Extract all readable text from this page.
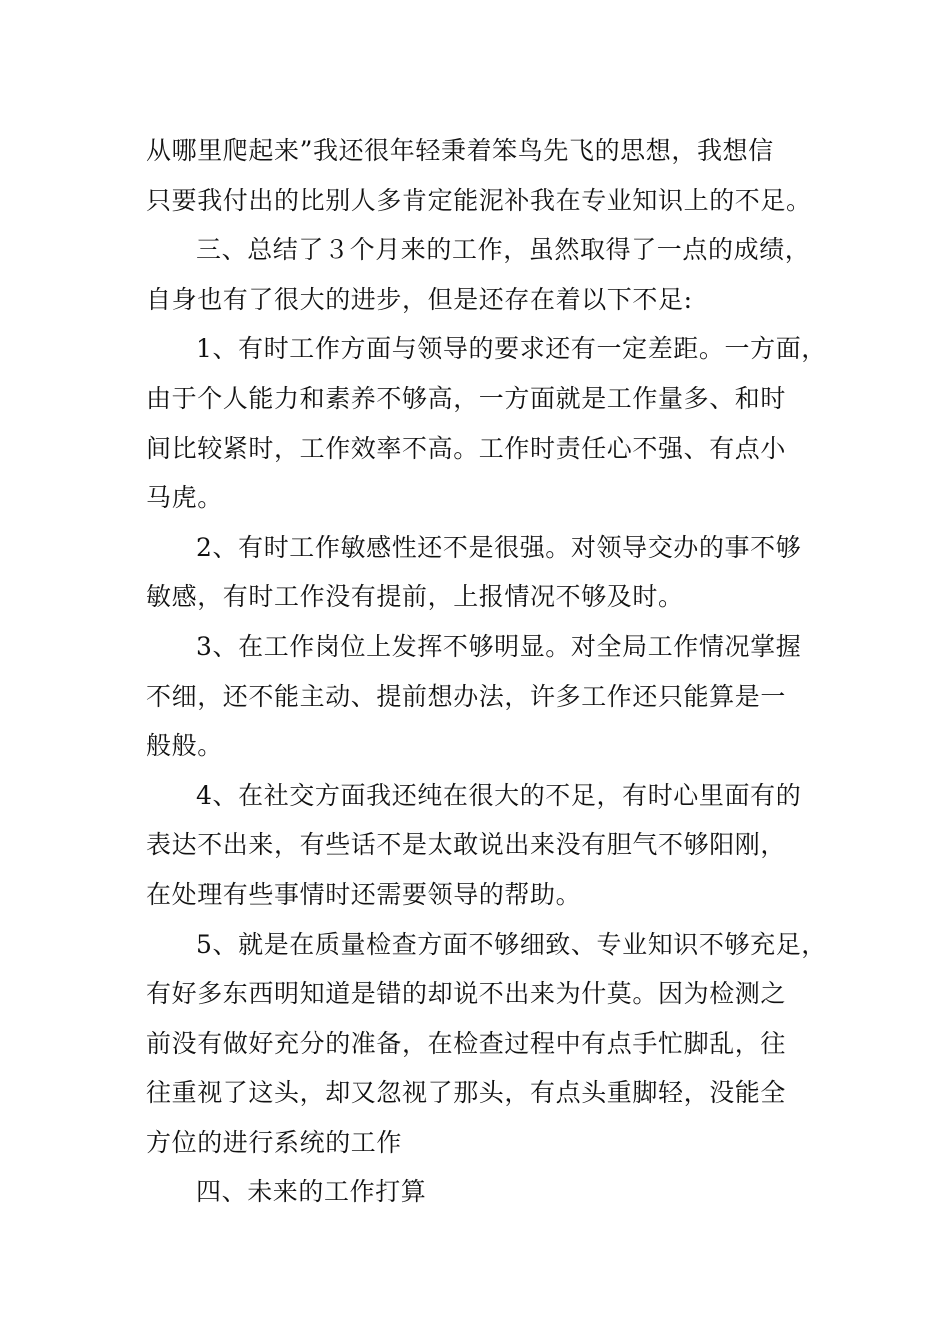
从哪里爬起来”我还很年轻秉着笨鸟先飞的思想，我想信
只要我付出的比别人多肯定能泥补我在专业知识上的不足。
三、总结了３个月来的工作，虽然取得了一点的成绩，
自身也有了很大的进步，但是还存在着以下不足:
1、有时工作方面与领导的要求还有一定差距。一方面，
由于个人能力和素养不够高，一方面就是工作量多、和时
间比较紧时，工作效率不高。工作时责任心不强、有点小
马虎。
2、有时工作敏感性还不是很强。对领导交办的事不够
敏感，有时工作没有提前，上报情况不够及时。
3、在工作岗位上发挥不够明显。对全局工作情况掌握
不细，还不能主动、提前想办法，许多工作还只能算是一
般般。
4、在社交方面我还纯在很大的不足，有时心里面有的
表达不出来，有些话不是太敢说出来没有胆气不够阳刚，
在处理有些事情时还需要领导的帮助。
5、就是在质量检查方面不够细致、专业知识不够充足，
有好多东西明知道是错的却说不出来为什莫。因为检测之
前没有做好充分的准备，在检查过程中有点手忙脚乱，往
往重视了这头，却又忽视了那头，有点头重脚轻，没能全
方位的进行系统的工作
四、未来的工作打算
